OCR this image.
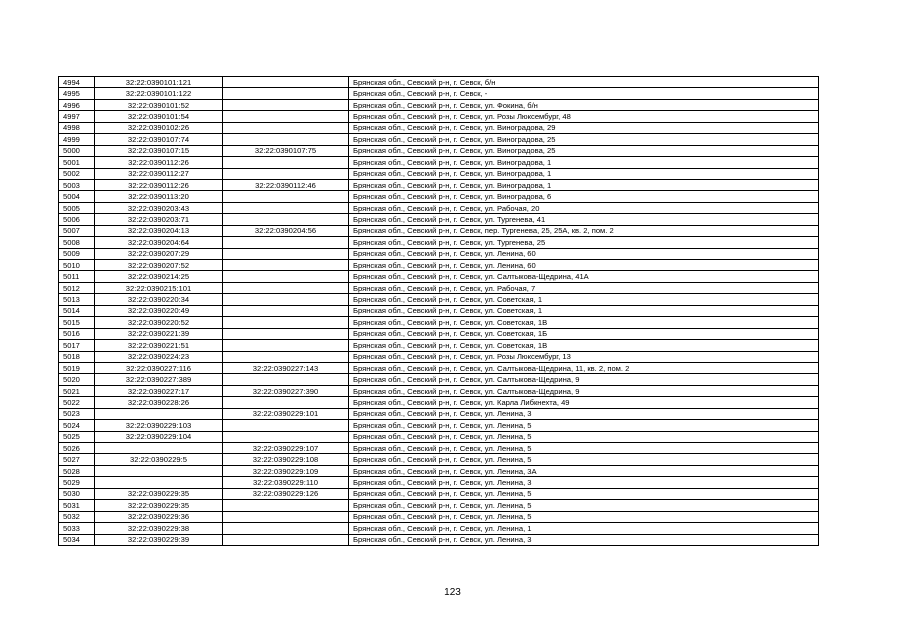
4994	32:22:0390101:121		Брянская обл., Севский р-н, г. Севск, б/н
4995	32:22:0390101:122		Брянская обл., Севский р-н, г. Севск, -
4996	32:22:0390101:52		Брянская обл., Севский р-н, г. Севск, ул. Фокина, б/н
4997	32:22:0390101:54		Брянская обл., Севский р-н, г. Севск, ул. Розы Люксембург, 48
4998	32:22:0390102:26		Брянская обл., Севский р-н, г. Севск, ул. Виноградова, 29
4999	32:22:0390107:74		Брянская обл., Севский р-н, г. Севск, ул. Виноградова, 25
5000	32:22:0390107:15	32:22:0390107:75	Брянская обл., Севский р-н, г. Севск, ул. Виноградова, 25
5001	32:22:0390112:26		Брянская обл., Севский р-н, г. Севск, ул. Виноградова, 1
5002	32:22:0390112:27		Брянская обл., Севский р-н, г. Севск, ул. Виноградова, 1
5003	32:22:0390112:26	32:22:0390112:46	Брянская обл., Севский р-н, г. Севск, ул. Виноградова, 1
5004	32:22:0390113:20		Брянская обл., Севский р-н, г. Севск, ул. Виноградова, 6
5005	32:22:0390203:43		Брянская обл., Севский р-н, г. Севск, ул. Рабочая, 20
5006	32:22:0390203:71		Брянская обл., Севский р-н, г. Севск, ул. Тургенева, 41
5007	32:22:0390204:13	32:22:0390204:56	Брянская обл., Севский р-н, г. Севск, пер. Тургенева, 25, 25А, кв. 2, пом. 2
5008	32:22:0390204:64		Брянская обл., Севский р-н, г. Севск, ул. Тургенева, 25
5009	32:22:0390207:29		Брянская обл., Севский р-н, г. Севск, ул. Ленина, 60
5010	32:22:0390207:52		Брянская обл., Севский р-н, г. Севск, ул. Ленина, 60
5011	32:22:0390214:25		Брянская обл., Севский р-н, г. Севск, ул. Салтыкова-Щедрина, 41А
5012	32:22:0390215:101		Брянская обл., Севский р-н, г. Севск, ул. Рабочая, 7
5013	32:22:0390220:34		Брянская обл., Севский р-н, г. Севск, ул. Советская, 1
5014	32:22:0390220:49		Брянская обл., Севский р-н, г. Севск, ул. Советская, 1
5015	32:22:0390220:52		Брянская обл., Севский р-н, г. Севск, ул. Советская, 1В
5016	32:22:0390221:39		Брянская обл., Севский р-н, г. Севск, ул. Советская, 1Б
5017	32:22:0390221:51		Брянская обл., Севский р-н, г. Севск, ул. Советская, 1В
5018	32:22:0390224:23		Брянская обл., Севский р-н, г. Севск, ул. Розы Люксембург, 13
5019	32:22:0390227:116	32:22:0390227:143	Брянская обл., Севский р-н, г. Севск, ул. Салтыкова-Щедрина, 11, кв. 2, пом. 2
5020	32:22:0390227:389		Брянская обл., Севский р-н, г. Севск, ул. Салтыкова-Щедрина, 9
5021	32:22:0390227:17	32:22:0390227:390	Брянская обл., Севский р-н, г. Севск, ул. Салтыкова-Щедрина, 9
5022	32:22:0390228:26		Брянская обл., Севский р-н, г. Севск, ул. Карла Либкнехта, 49
5023		32:22:0390229:101	Брянская обл., Севский р-н, г. Севск, ул. Ленина, 3
5024	32:22:0390229:103		Брянская обл., Севский р-н, г. Севск, ул. Ленина, 5
5025	32:22:0390229:104		Брянская обл., Севский р-н, г. Севск, ул. Ленина, 5
5026		32:22:0390229:107	Брянская обл., Севский р-н, г. Севск, ул. Ленина, 5
5027	32:22:0390229:5	32:22:0390229:108	Брянская обл., Севский р-н, г. Севск, ул. Ленина, 5
5028		32:22:0390229:109	Брянская обл., Севский р-н, г. Севск, ул. Ленина, 3А
5029		32:22:0390229:110	Брянская обл., Севский р-н, г. Севск, ул. Ленина, 3
5030	32:22:0390229:35	32:22:0390229:126	Брянская обл., Севский р-н, г. Севск, ул. Ленина, 5
5031	32:22:0390229:35		Брянская обл., Севский р-н, г. Севск, ул. Ленина, 5
5032	32:22:0390229:36		Брянская обл., Севский р-н, г. Севск, ул. Ленина, 5
5033	32:22:0390229:38		Брянская обл., Севский р-н, г. Севск, ул. Ленина, 1
5034	32:22:0390229:39		Брянская обл., Севский р-н, г. Севск, ул. Ленина, 3
123
